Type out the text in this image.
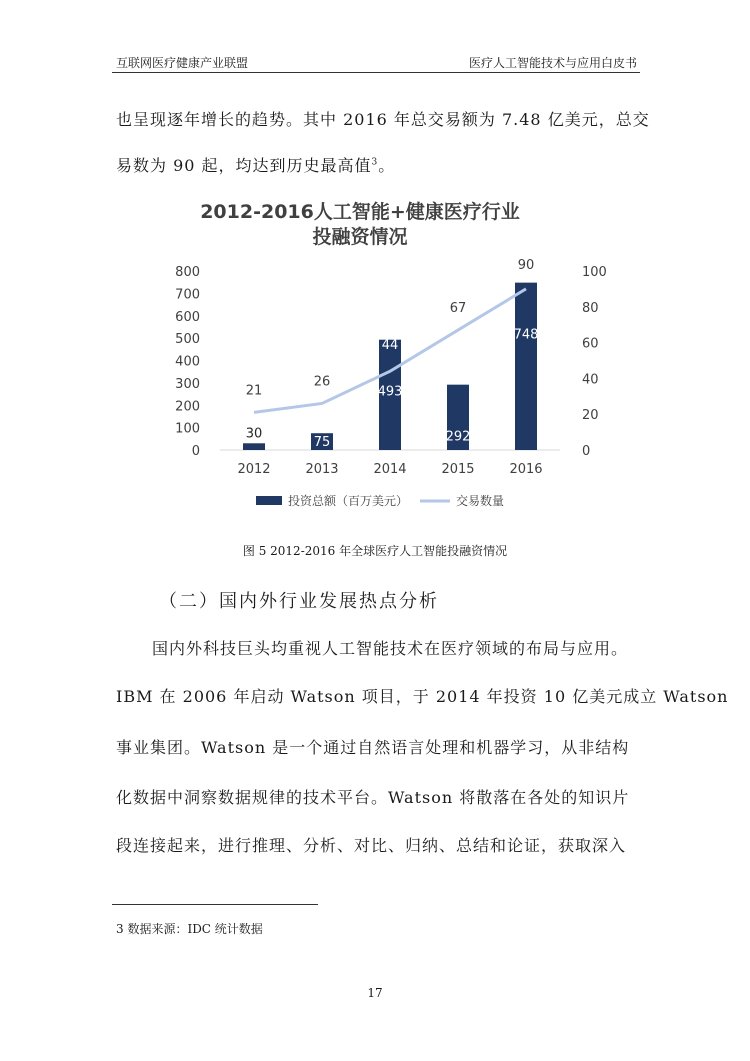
互联网医疗健康产业联盟	医疗人工智能技术与应用白皮书
也呈现逐年增长的趋势。其中 2016 年总交易额为 7.48 亿美元，总交
易数为 90 起，均达到历史最高值$^3$。
2012-2016人工智能+健康医疗行业
投融资情况
0
100
200
300
400
500
600
700
800
0
20
40
60
80
100
30
75
493
292
748
21
26
44
67
90
2012	2013	2014	2015	2016
投资总额（百万美元）	交易数量
图 5 2012-2016 年全球医疗人工智能投融资情况
（二）国内外行业发展热点分析
国内外科技巨头均重视人工智能技术在医疗领域的布局与应用。
IBM 在 2006 年启动 Watson 项目，于 2014 年投资 10 亿美元成立 Watson
事业集团。Watson 是一个通过自然语言处理和机器学习，从非结构
化数据中洞察数据规律的技术平台。Watson 将散落在各处的知识片
段连接起来，进行推理、分析、对比、归纳、总结和论证，获取深入
3 数据来源：IDC 统计数据
17
